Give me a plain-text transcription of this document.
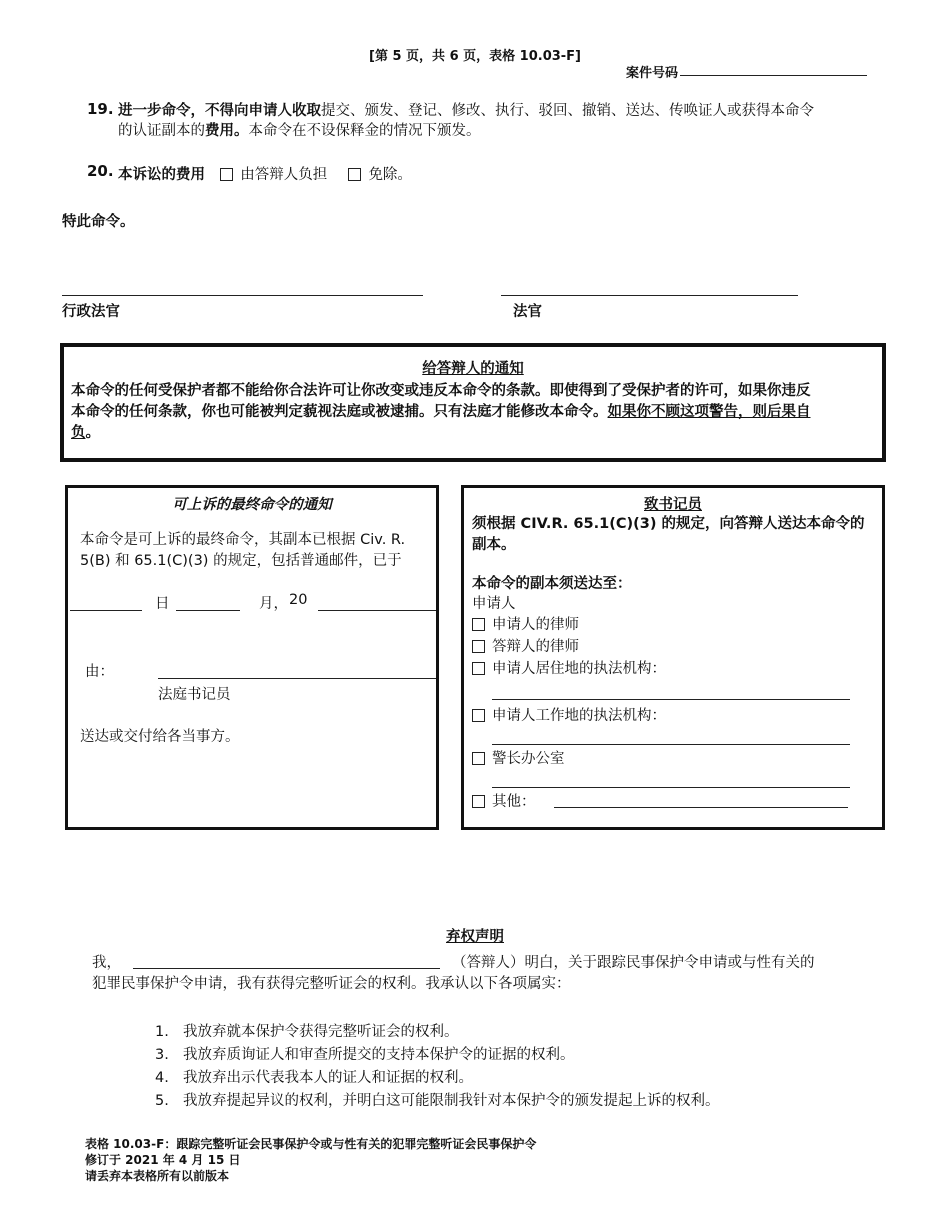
[第 5 页，共 6 页，表格 10.03-F]
案件号码
19. 进一步命令，不得向申请人收取提交、颁发、登记、修改、执行、驳回、撤销、送达、传唤证人或获得本命令
的认证副本的费用。本命令在不设保释金的情况下颁发。
20. 本诉讼的费用 由答辩人负担	免除。
特此命令。
行政法官	法官
给答辩人的通知
本命令的任何受保护者都不能给你合法许可让你改变或违反本命令的条款。即使得到了受保护者的许可，如果你违反
本命令的任何条款，你也可能被判定藐视法庭或被逮捕。只有法庭才能修改本命令。如果你不顾这项警告，则后果自
负。
可上诉的最终命令的通知
本命令是可上诉的最终命令，其副本已根据 Civ. R.
5(B) 和 65.1(C)(3) 的规定，包括普通邮件，已于
日	月， 20
由：
法庭书记员
送达或交付给各当事方。
致书记员
须根据 CIV.R. 65.1(C)(3) 的规定，向答辩人送达本命令的
副本。
本命令的副本须送达至：
申请人
申请人的律师
答辩人的律师
申请人居住地的执法机构：
申请人工作地的执法机构：
警长办公室
其他：
弃权声明
我，	（答辩人）明白，关于跟踪民事保护令申请或与性有关的
犯罪民事保护令申请，我有获得完整听证会的权利。我承认以下各项属实：
1. 我放弃就本保护令获得完整听证会的权利。
3. 我放弃质询证人和审查所提交的支持本保护令的证据的权利。
4. 我放弃出示代表我本人的证人和证据的权利。
5. 我放弃提起异议的权利，并明白这可能限制我针对本保护令的颁发提起上诉的权利。
表格 10.03-F：跟踪完整听证会民事保护令或与性有关的犯罪完整听证会民事保护令
修订于 2021 年 4 月 15 日
请丢弃本表格所有以前版本
